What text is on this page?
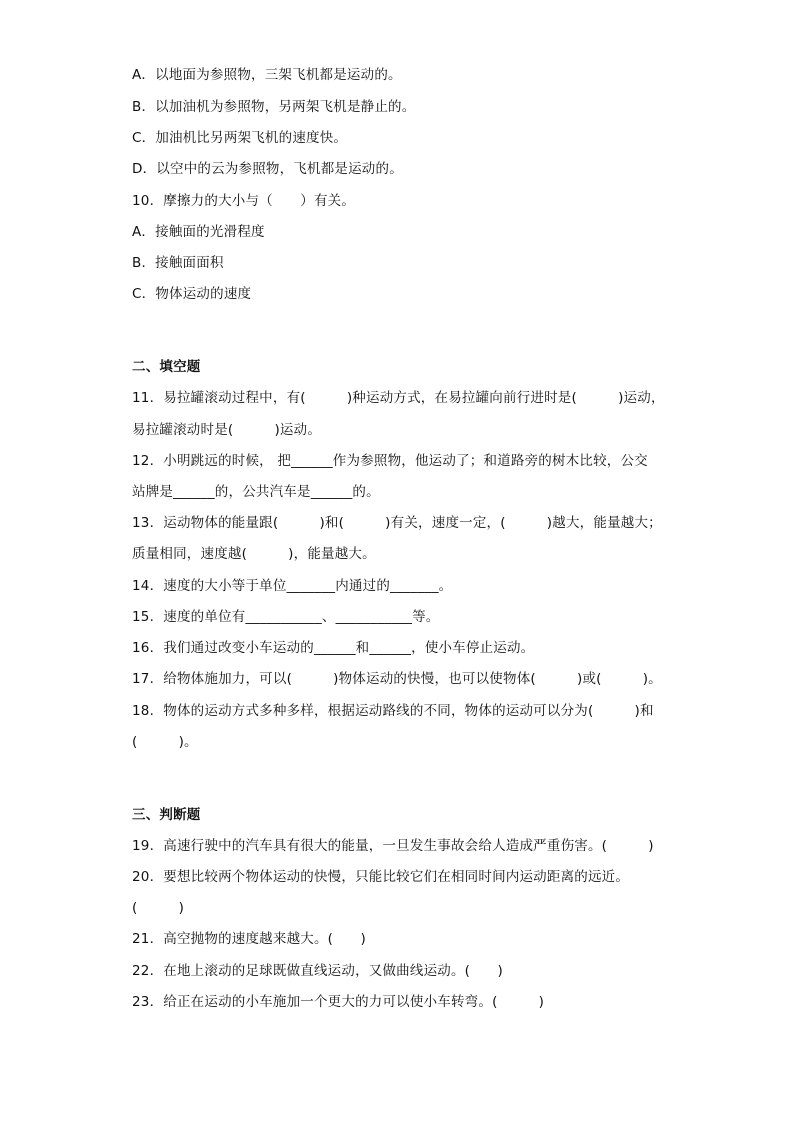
A．以地面为参照物，三架飞机都是运动的。
B．以加油机为参照物，另两架飞机是静止的。
C．加油机比另两架飞机的速度快。
D．以空中的云为参照物，飞机都是运动的。
10．摩擦力的大小与（　　）有关。
A．接触面的光滑程度
B．接触面面积
C．物体运动的速度
二、填空题
11．易拉罐滚动过程中，有(　　　)种运动方式，在易拉罐向前行进时是(　　　)运动，
易拉罐滚动时是(　　　)运动。
12．小明跳远的时候， 把______作为参照物，他运动了；和道路旁的树木比较，公交
站牌是______的，公共汽车是______的。
13．运动物体的能量跟(　　　)和(　　　)有关，速度一定，(　　　)越大，能量越大；
质量相同，速度越(　　　)，能量越大。
14．速度的大小等于单位_______内通过的_______。
15．速度的单位有___________、___________等。
16．我们通过改变小车运动的______和______，使小车停止运动。
17．给物体施加力，可以(　　　)物体运动的快慢，也可以使物体(　　　)或(　　　)。
18．物体的运动方式多种多样，根据运动路线的不同，物体的运动可以分为(　　　)和
(　　　)。
三、判断题
19．高速行驶中的汽车具有很大的能量，一旦发生事故会给人造成严重伤害。(　　　)
20．要想比较两个物体运动的快慢，只能比较它们在相同时间内运动距离的远近。
(　　　)
21．高空抛物的速度越来越大。(　　)
22．在地上滚动的足球既做直线运动，又做曲线运动。(　　)
23．给正在运动的小车施加一个更大的力可以使小车转弯。(　　　)
